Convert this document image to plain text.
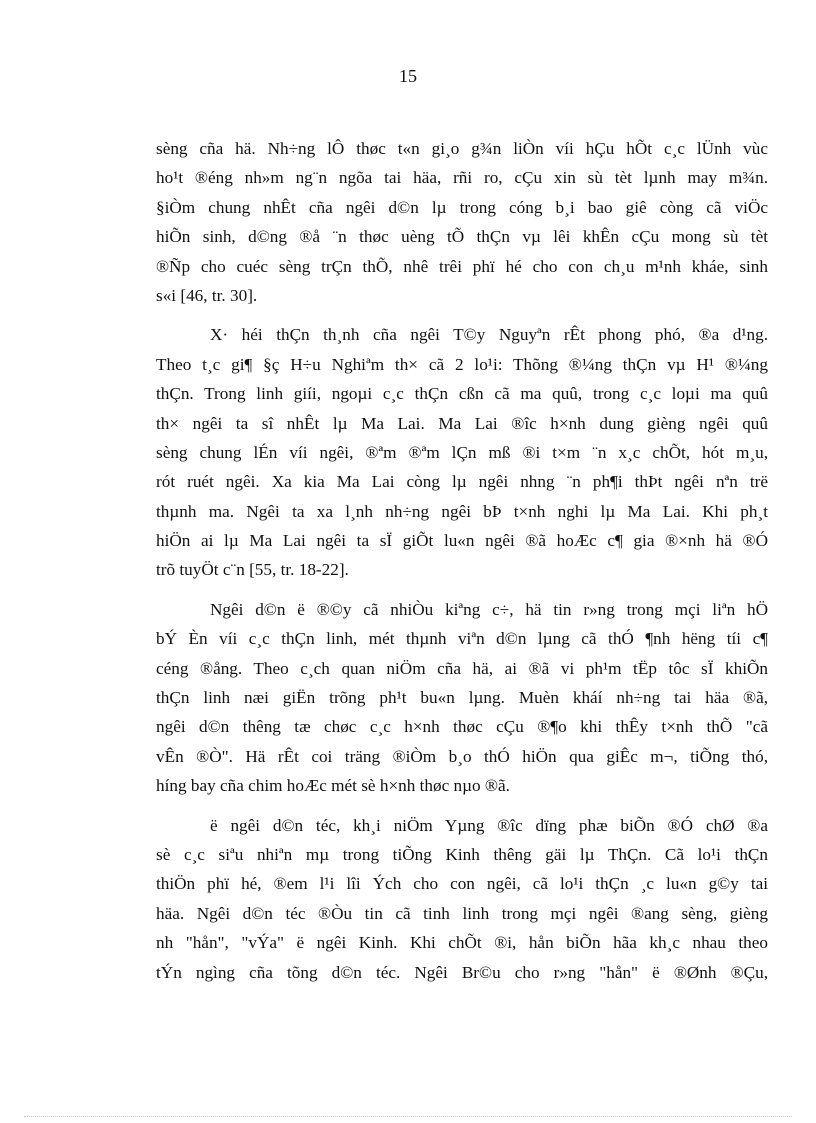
15

sèng cña hä. Nh÷ng lÔ thøc t«n gi¸o g¾n liÒn víi hÇu hÕt c¸c lÜnh vùc
ho¹t ®éng nh»m ng¨n ngõa tai häa, rñi ro, cÇu xin sù tèt lµnh may m¾n.
§iÒm chung nhÊt cña ngêi d©n lµ trong cóng b¸i bao giê còng cã viÖc
hiÕn sinh, d©ng ®å ¨n thøc uèng tÕ thÇn vµ lêi khÊn cÇu mong sù tèt
®Ñp cho cuéc sèng trÇn thÕ, nhê trêi phï hé cho con ch¸u m¹nh kháe, sinh
s«i [46, tr. 30].

X· héi thÇn th¸nh cña ngêi T©y Nguyªn rÊt phong phó, ®a d¹ng.
Theo t¸c gi¶ §ç H÷u Nghiªm th× cã 2 lo¹i: Thõng ®¼ng thÇn vµ H¹ ®¼ng
thÇn. Trong linh giíi, ngoµi c¸c thÇn cßn cã ma quû, trong c¸c loµi ma quû
th× ngêi ta sî nhÊt lµ Ma Lai. Ma Lai ®îc h×nh dung gièng ngêi quû
sèng chung lÉn víi ngêi, ®ªm ®ªm lÇn mß ®i t×m ¨n x¸c chÕt, hót m¸u,
rót ruét ngêi. Xa kia Ma Lai còng lµ ngêi nhng ¨n ph¶i thÞt ngêi nªn trë
thµnh ma. Ngêi ta xa l¸nh nh÷ng ngêi bÞ t×nh nghi lµ Ma Lai. Khi ph¸t
hiÖn ai lµ Ma Lai ngêi ta sÏ giÕt lu«n ngêi ®ã hoÆc c¶ gia ®×nh hä ®Ó
trõ tuyÖt c¨n [55, tr. 18-22].

Ngêi d©n ë ®©y cã nhiÒu kiªng c÷, hä tin r»ng trong mçi liªn hÖ
bÝ Èn víi c¸c thÇn linh, mét thµnh viªn d©n lµng cã thÓ ¶nh hëng tíi c¶
céng ®ång. Theo c¸ch quan niÖm cña hä, ai ®ã vi ph¹m tËp tôc sÏ khiÕn
thÇn linh næi giËn trõng ph¹t bu«n lµng. Muèn kháí nh÷ng tai häa ®ã,
ngêi d©n thêng tæ chøc c¸c h×nh thøc cÇu ®¶o khi thÊy t×nh thÕ "cã
vÊn ®Ò". Hä rÊt coi träng ®iÒm b¸o thÓ hiÖn qua giÊc m¬, tiÕng thó,
híng bay cña chim hoÆc mét sè h×nh thøc nµo ®ã.

ë ngêi d©n téc, kh¸i niÖm Yµng ®îc dïng phæ biÕn ®Ó chØ ®a
sè c¸c siªu nhiªn mµ trong tiÕng Kinh thêng gäi lµ ThÇn. Cã lo¹i thÇn
thiÖn phï hé, ®em l¹i lîi Ých cho con ngêi, cã lo¹i thÇn ¸c lu«n g©y tai
häa. Ngêi d©n téc ®Òu tin cã tinh linh trong mçi ngêi ®ang sèng, gièng
nh "hån", "vÝa" ë ngêi Kinh. Khi chÕt ®i, hån biÕn hãa kh¸c nhau theo
tÝn ngìng cña tõng d©n téc. Ngêi Br©u cho r»ng "hån" ë ®Ønh ®Çu,
